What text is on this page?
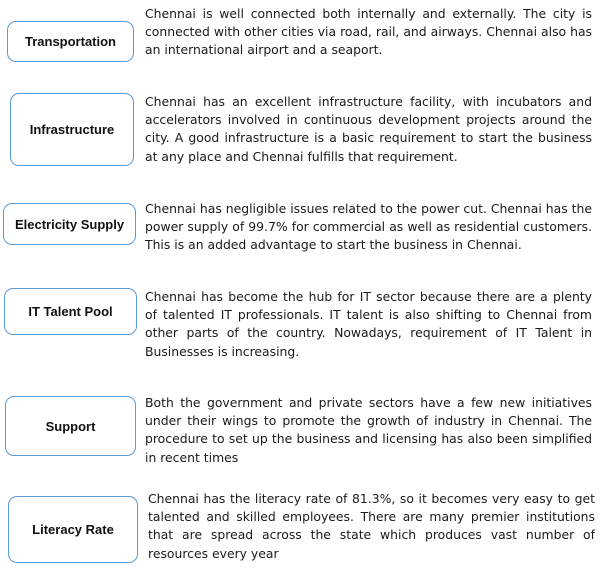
Transportation

Chennai is well connected both internally and externally. The city is connected with other cities via road, rail, and airways. Chennai also has an international airport and a seaport.

Infrastructure

Chennai has an excellent infrastructure facility, with incubators and accelerators involved in continuous development projects around the city. A good infrastructure is a basic requirement to start the business at any place and Chennai fulfills that requirement.

Electricity Supply

Chennai has negligible issues related to the power cut. Chennai has the power supply of 99.7% for commercial as well as residential customers. This is an added advantage to start the business in Chennai.

IT Talent Pool

Chennai has become the hub for IT sector because there are a plenty of talented IT professionals. IT talent is also shifting to Chennai from other parts of the country. Nowadays, requirement of IT Talent in Businesses is increasing.

Support

Both the government and private sectors have a few new initiatives under their wings to promote the growth of industry in Chennai. The procedure to set up the business and licensing has also been simplified in recent times

Literacy Rate

Chennai has the literacy rate of 81.3%, so it becomes very easy to get talented and skilled employees. There are many premier institutions that are spread across the state which produces vast number of resources every year
